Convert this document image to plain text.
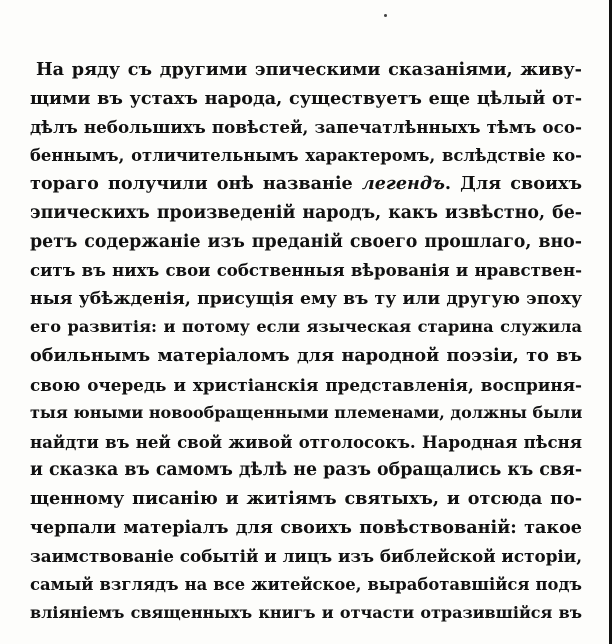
На ряду съ другими эпическими сказаніями, живу-
щими въ устахъ народа, существуетъ еще цѣлый от-
дѣлъ небольшихъ повѣстей, запечатлѣнныхъ тѣмъ осо-
беннымъ, отличительнымъ характеромъ, вслѣдствіе ко-
тораго получили онѣ названіе легендъ. Для своихъ
эпическихъ произведеній народъ, какъ извѣстно, бе-
ретъ содержаніе изъ преданій своего прошлаго, вно-
ситъ въ нихъ свои собственныя вѣрованія и нравствен-
ныя убѣжденія, присущія ему въ ту или другую эпоху
его развитія: и потому если языческая старина служила
обильнымъ матеріаломъ для народной поэзіи, то въ
свою очередь и христіанскія представленія, восприня-
тыя юными новообращенными племенами, должны были
найдти въ ней свой живой отголосокъ. Народная пѣсня
и сказка въ самомъ дѣлѣ не разъ обращались къ свя-
щенному писанію и житіямъ святыхъ, и отсюда по-
черпали матеріалъ для своихъ повѣствованій: такое
заимствованіе событій и лицъ изъ библейской исторіи,
самый взглядъ на все житейское, выработавшійся подъ
вліяніемъ священныхъ книгъ и отчасти отразившійся въ
